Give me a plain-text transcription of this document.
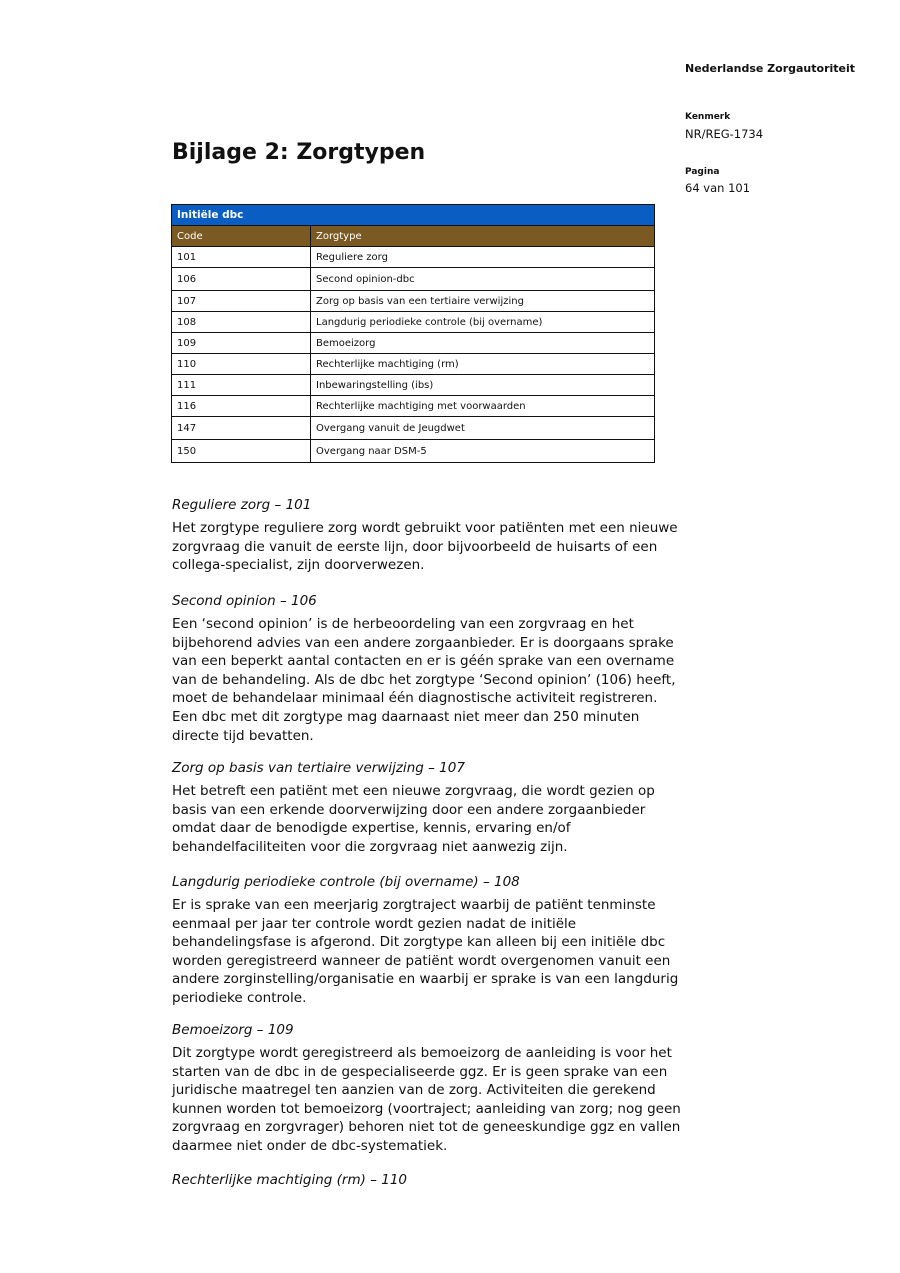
Nederlandse Zorgautoriteit
Kenmerk
NR/REG-1734
Pagina
64 van 101
Bijlage 2: Zorgtypen
Initiële dbc	
Code	Zorgtype
101	Reguliere zorg
106	Second opinion-dbc
107	Zorg op basis van een tertiaire verwijzing
108	Langdurig periodieke controle (bij overname)
109	Bemoeizorg
110	Rechterlijke machtiging (rm)
111	Inbewaringstelling (ibs)
116	Rechterlijke machtiging met voorwaarden
147	Overgang vanuit de Jeugdwet
150	Overgang naar DSM-5

Reguliere zorg – 101

Het zorgtype reguliere zorg wordt gebruikt voor patiënten met een nieuwe zorgvraag die vanuit de eerste lijn, door bijvoorbeeld de huisarts of een collega-specialist, zijn doorverwezen.

Second opinion – 106

Een ‘second opinion’ is de herbeoordeling van een zorgvraag en het bijbehorend advies van een andere zorgaanbieder. Er is doorgaans sprake van een beperkt aantal contacten en er is géén sprake van een overname van de behandeling. Als de dbc het zorgtype ‘Second opinion’ (106) heeft, moet de behandelaar minimaal één diagnostische activiteit registreren. Een dbc met dit zorgtype mag daarnaast niet meer dan 250 minuten directe tijd bevatten.

Zorg op basis van tertiaire verwijzing – 107

Het betreft een patiënt met een nieuwe zorgvraag, die wordt gezien op basis van een erkende doorverwijzing door een andere zorgaanbieder omdat daar de benodigde expertise, kennis, ervaring en/of behandelfaciliteiten voor die zorgvraag niet aanwezig zijn.

Langdurig periodieke controle (bij overname) – 108

Er is sprake van een meerjarig zorgtraject waarbij de patiënt tenminste eenmaal per jaar ter controle wordt gezien nadat de initiële behandelingsfase is afgerond. Dit zorgtype kan alleen bij een initiële dbc worden geregistreerd wanneer de patiënt wordt overgenomen vanuit een andere zorginstelling/organisatie en waarbij er sprake is van een langdurig periodieke controle.

Bemoeizorg – 109

Dit zorgtype wordt geregistreerd als bemoeizorg de aanleiding is voor het starten van de dbc in de gespecialiseerde ggz. Er is geen sprake van een juridische maatregel ten aanzien van de zorg. Activiteiten die gerekend kunnen worden tot bemoeizorg (voortraject; aanleiding van zorg; nog geen zorgvraag en zorgvrager) behoren niet tot de geneeskundige ggz en vallen daarmee niet onder de dbc-systematiek.

Rechterlijke machtiging (rm) – 110
